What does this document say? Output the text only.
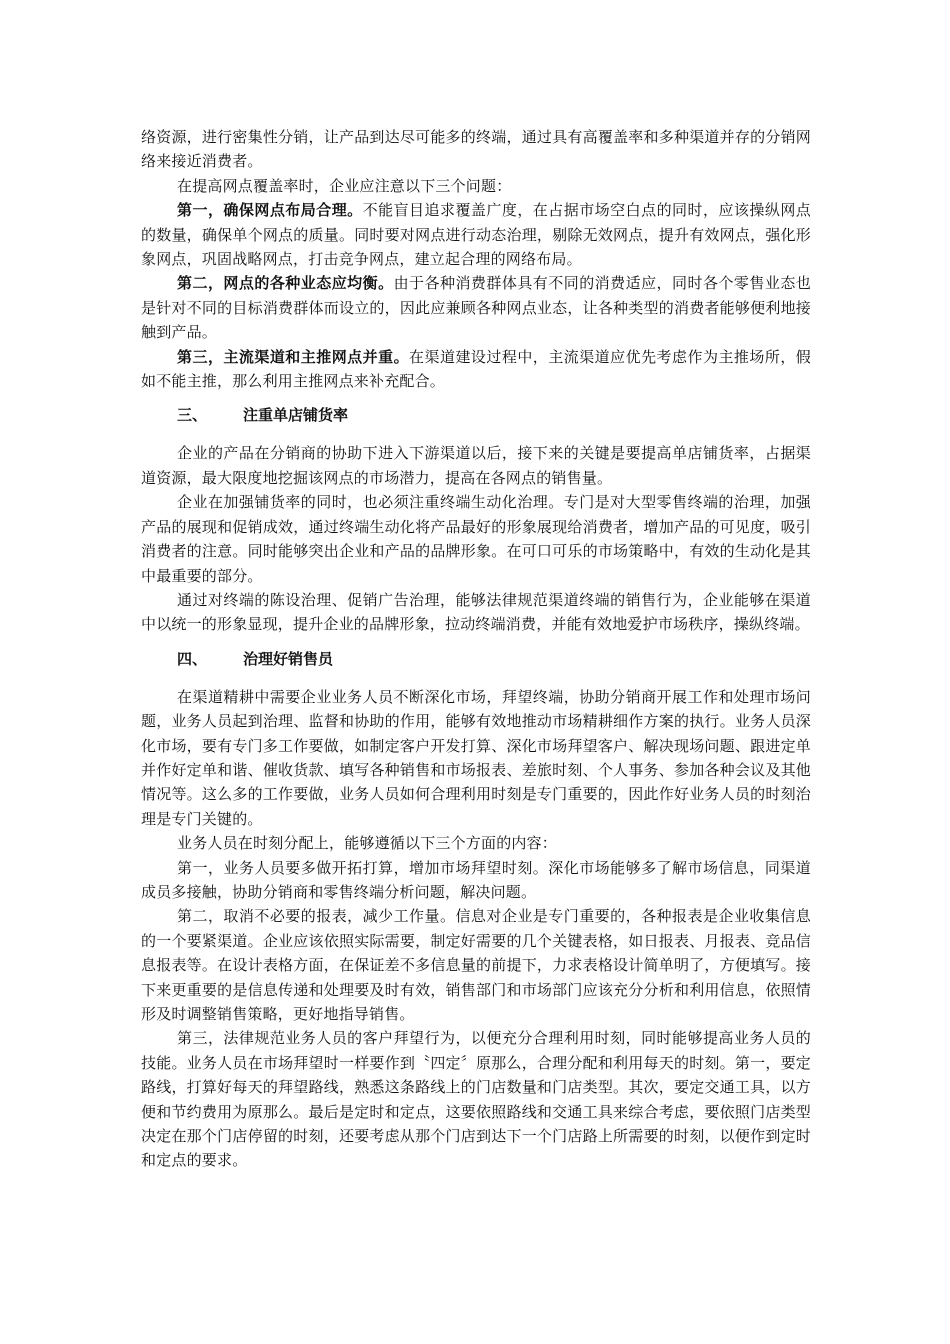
络资源，进行密集性分销，让产品到达尽可能多的终端，通过具有高覆盖率和多种渠道并存的分销网络来接近消费者。

在提高网点覆盖率时，企业应注意以下三个问题：

第一，确保网点布局合理。不能盲目追求覆盖广度，在占据市场空白点的同时，应该操纵网点的数量，确保单个网点的质量。同时要对网点进行动态治理，剔除无效网点，提升有效网点，强化形象网点，巩固战略网点，打击竞争网点，建立起合理的网络布局。

第二，网点的各种业态应均衡。由于各种消费群体具有不同的消费适应，同时各个零售业态也是针对不同的目标消费群体而设立的，因此应兼顾各种网点业态，让各种类型的消费者能够便利地接触到产品。

第三，主流渠道和主推网点并重。在渠道建设过程中，主流渠道应优先考虑作为主推场所，假如不能主推，那么利用主推网点来补充配合。

三、 注重单店铺货率

企业的产品在分销商的协助下进入下游渠道以后，接下来的关键是要提高单店铺货率，占据渠道资源，最大限度地挖掘该网点的市场潜力，提高在各网点的销售量。

企业在加强铺货率的同时，也必须注重终端生动化治理。专门是对大型零售终端的治理，加强产品的展现和促销成效，通过终端生动化将产品最好的形象展现给消费者，增加产品的可见度，吸引消费者的注意。同时能够突出企业和产品的品牌形象。在可口可乐的市场策略中，有效的生动化是其中最重要的部分。

通过对终端的陈设治理、促销广告治理，能够法律规范渠道终端的销售行为，企业能够在渠道中以统一的形象显现，提升企业的品牌形象，拉动终端消费，并能有效地爱护市场秩序，操纵终端。

四、 治理好销售员

在渠道精耕中需要企业业务人员不断深化市场，拜望终端，协助分销商开展工作和处理市场问题，业务人员起到治理、监督和协助的作用，能够有效地推动市场精耕细作方案的执行。业务人员深化市场，要有专门多工作要做，如制定客户开发打算、深化市场拜望客户、解决现场问题、跟进定单并作好定单和谐、催收货款、填写各种销售和市场报表、差旅时刻、个人事务、参加各种会议及其他情况等。这么多的工作要做，业务人员如何合理利用时刻是专门重要的，因此作好业务人员的时刻治理是专门关键的。

业务人员在时刻分配上，能够遵循以下三个方面的内容：

第一，业务人员要多做开拓打算，增加市场拜望时刻。深化市场能够多了解市场信息，同渠道成员多接触，协助分销商和零售终端分析问题，解决问题。

第二，取消不必要的报表，减少工作量。信息对企业是专门重要的，各种报表是企业收集信息的一个要紧渠道。企业应该依照实际需要，制定好需要的几个关键表格，如日报表、月报表、竞品信息报表等。在设计表格方面，在保证差不多信息量的前提下，力求表格设计简单明了，方便填写。接下来更重要的是信息传递和处理要及时有效，销售部门和市场部门应该充分分析和利用信息，依照情形及时调整销售策略，更好地指导销售。

第三，法律规范业务人员的客户拜望行为，以便充分合理利用时刻，同时能够提高业务人员的技能。业务人员在市场拜望时一样要作到〝四定〞原那么，合理分配和利用每天的时刻。第一，要定路线，打算好每天的拜望路线，熟悉这条路线上的门店数量和门店类型。其次，要定交通工具，以方便和节约费用为原那么。最后是定时和定点，这要依照路线和交通工具来综合考虑，要依照门店类型决定在那个门店停留的时刻，还要考虑从那个门店到达下一个门店路上所需要的时刻，以便作到定时和定点的要求。
